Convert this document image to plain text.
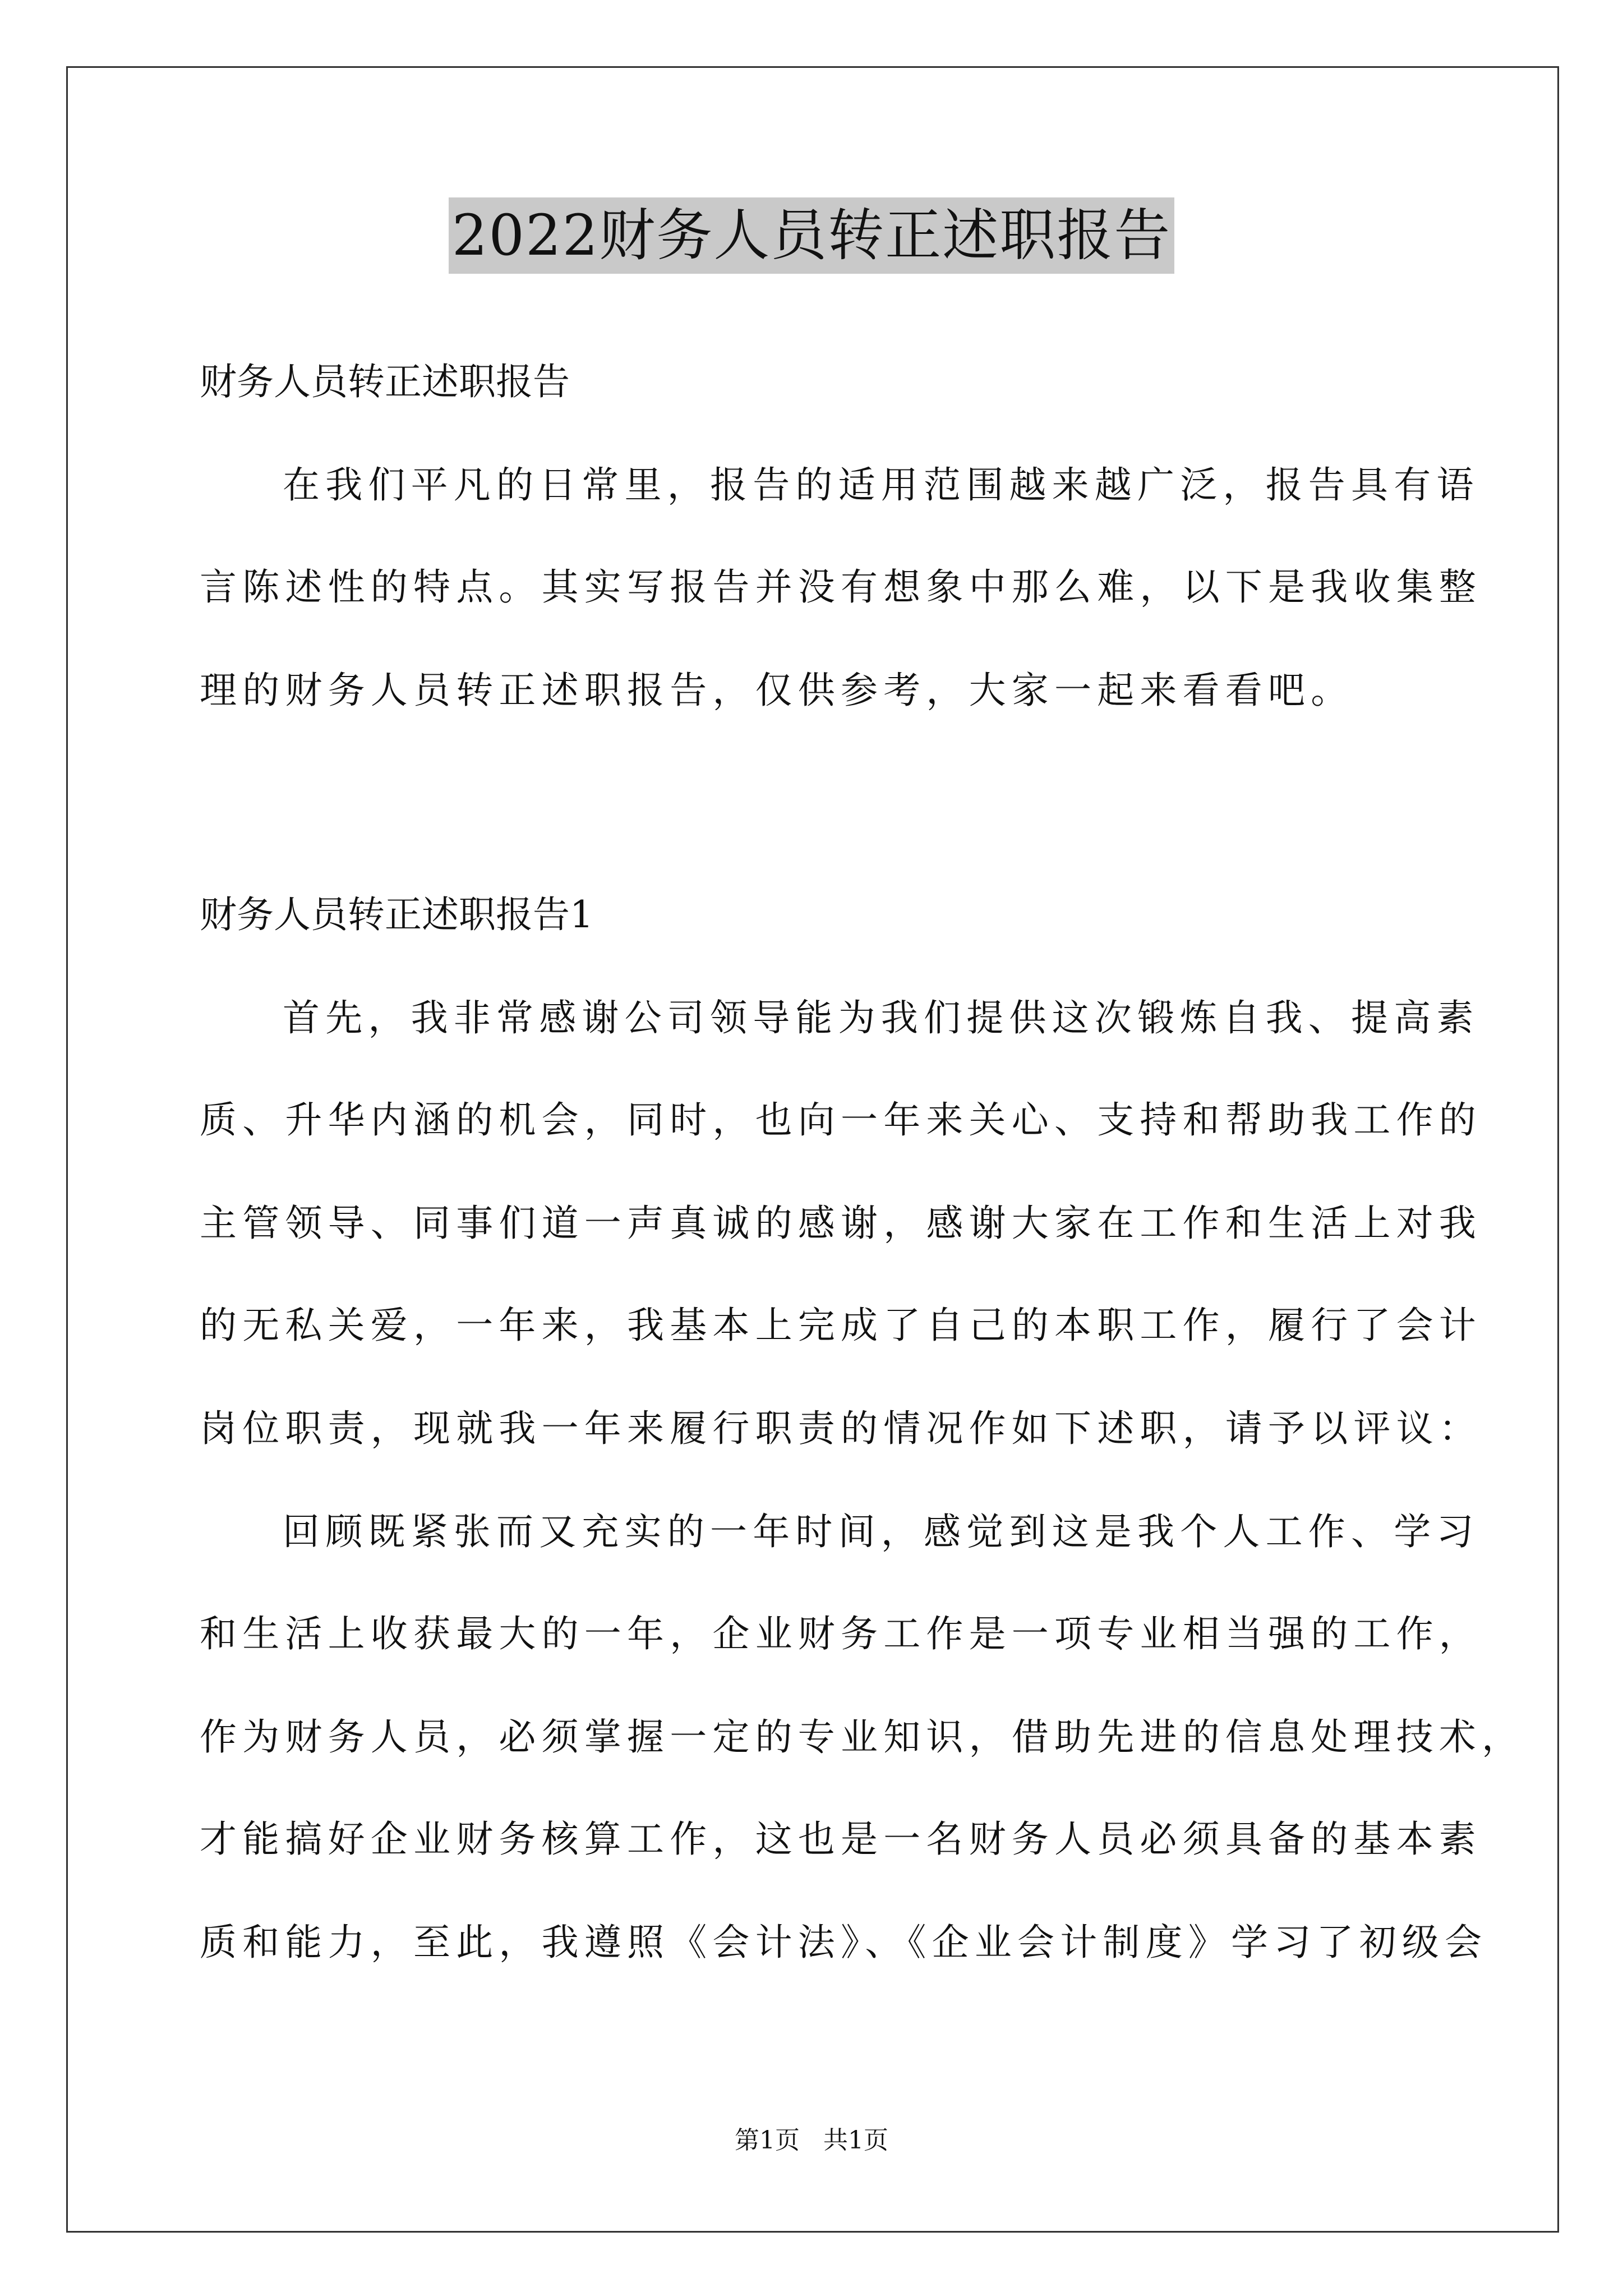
2022财务人员转正述职报告
财务人员转正述职报告
在我们平凡的日常里，报告的适用范围越来越广泛，报告具有语
言陈述性的特点。其实写报告并没有想象中那么难，以下是我收集整
理的财务人员转正述职报告，仅供参考，大家一起来看看吧。
财务人员转正述职报告1
首先，我非常感谢公司领导能为我们提供这次锻炼自我、提高素
质、升华内涵的机会，同时，也向一年来关心、支持和帮助我工作的
主管领导、同事们道一声真诚的感谢，感谢大家在工作和生活上对我
的无私关爱，一年来，我基本上完成了自己的本职工作，履行了会计
岗位职责，现就我一年来履行职责的情况作如下述职，请予以评议：
回顾既紧张而又充实的一年时间，感觉到这是我个人工作、学习
和生活上收获最大的一年，企业财务工作是一项专业相当强的工作，
作为财务人员，必须掌握一定的专业知识，借助先进的信息处理技术，
才能搞好企业财务核算工作，这也是一名财务人员必须具备的基本素
质和能力，至此，我遵照《会计法》、《企业会计制度》学习了初级会
第1页   共1页
